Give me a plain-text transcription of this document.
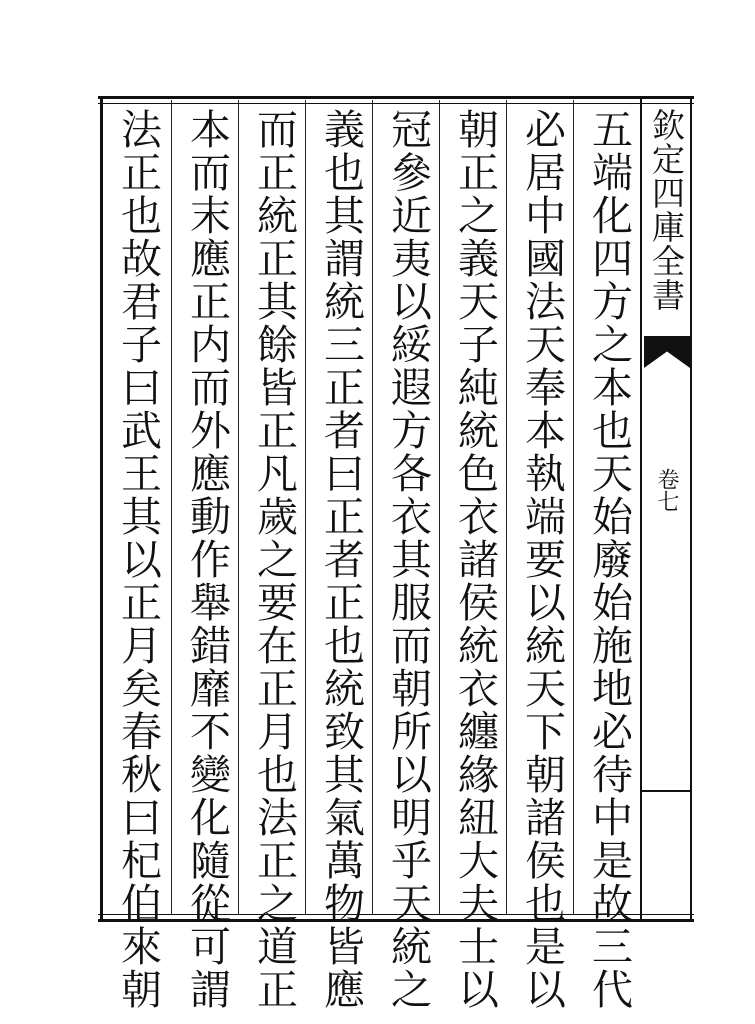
五端化四方之本也天始廢始施地必待中是故三代
必居中國法天奉本執端要以統天下朝諸侯也是以
朝正之義天子純統色衣諸侯統衣纏緣紐大夫士以
冠參近夷以綏遐方各衣其服而朝所以明乎天統之
義也其謂統三正者曰正者正也統致其氣萬物皆應
而正統正其餘皆正凡歲之要在正月也法正之道正
本而末應正内而外應動作舉錯靡不變化隨從可謂
法正也故君子曰武王其以正月矣春秋曰杞伯來朝	欽定四庫全書
卷七
